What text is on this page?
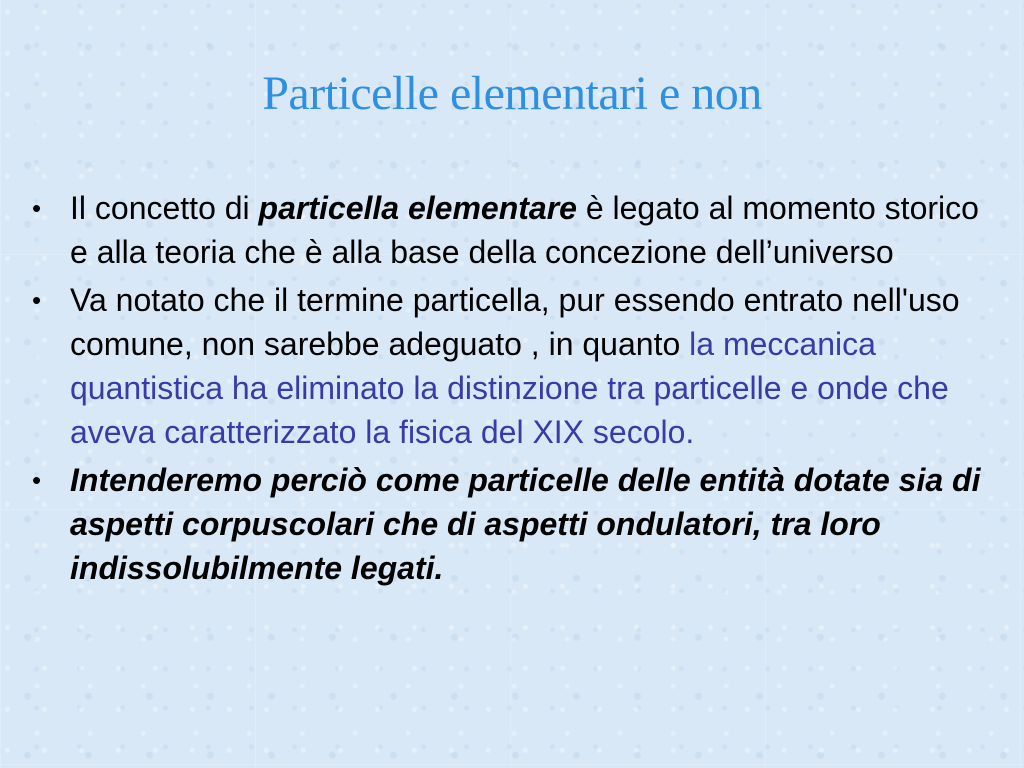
Particelle elementari e non
• Il concetto di particella elementare è legato al momento storico e alla teoria che è alla base della concezione dell’universo
• Va notato che il termine particella, pur essendo entrato nell'uso comune, non sarebbe adeguato , in quanto la meccanica quantistica ha eliminato la distinzione tra particelle e onde che aveva caratterizzato la fisica del XIX secolo.
• Intenderemo perciò come particelle delle entità dotate sia di aspetti corpuscolari che di aspetti ondulatori, tra loro indissolubilmente legati.
